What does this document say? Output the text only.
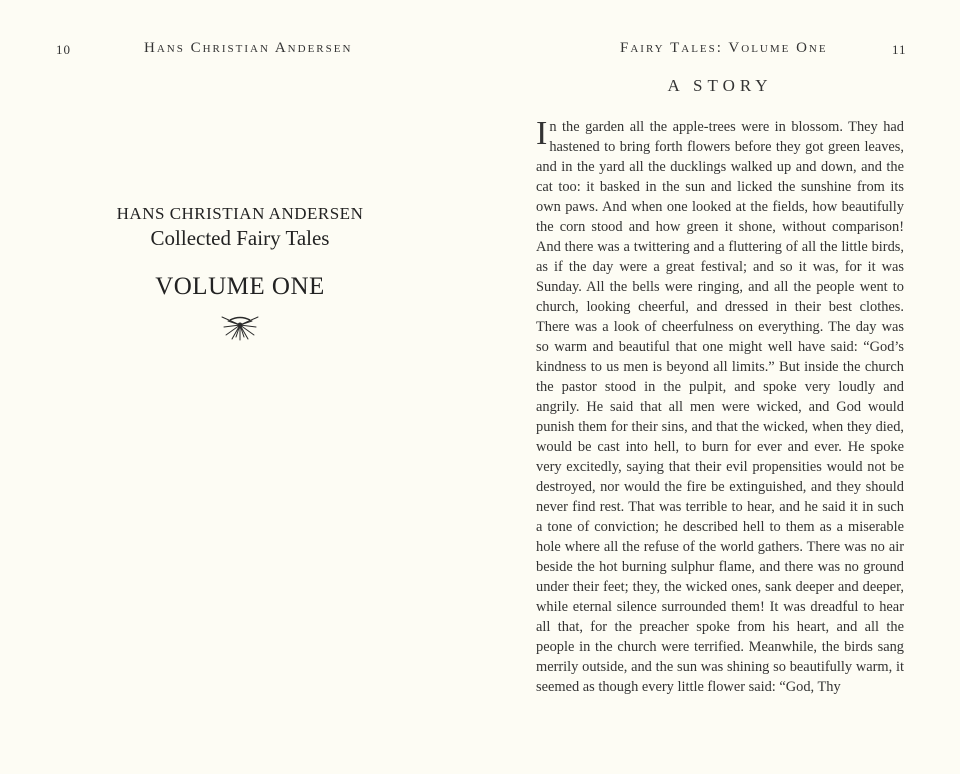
10	Hans Christian Andersen
HANS CHRISTIAN ANDERSEN
Collected Fairy Tales
VOLUME ONE
Fairy Tales: Volume One	11
A STORY
In the garden all the apple-trees were in blossom. They had hastened to bring forth flowers before they got green leaves, and in the yard all the ducklings walked up and down, and the cat too: it basked in the sun and licked the sunshine from its own paws. And when one looked at the fields, how beautifully the corn stood and how green it shone, without comparison! And there was a twittering and a fluttering of all the little birds, as if the day were a great festival; and so it was, for it was Sunday. All the bells were ringing, and all the people went to church, looking cheerful, and dressed in their best clothes. There was a look of cheerfulness on everything. The day was so warm and beautiful that one might well have said: “God’s kindness to us men is beyond all limits.” But inside the church the pastor stood in the pulpit, and spoke very loudly and angrily. He said that all men were wicked, and God would punish them for their sins, and that the wicked, when they died, would be cast into hell, to burn for ever and ever. He spoke very excitedly, saying that their evil propensities would not be destroyed, nor would the fire be extinguished, and they should never find rest. That was terrible to hear, and he said it in such a tone of conviction; he described hell to them as a miserable hole where all the refuse of the world gathers. There was no air beside the hot burning sulphur flame, and there was no ground under their feet; they, the wicked ones, sank deeper and deeper, while eternal silence surrounded them! It was dreadful to hear all that, for the preacher spoke from his heart, and all the people in the church were terrified. Meanwhile, the birds sang merrily outside, and the sun was shining so beautifully warm, it seemed as though every little flower said: “God, Thy
